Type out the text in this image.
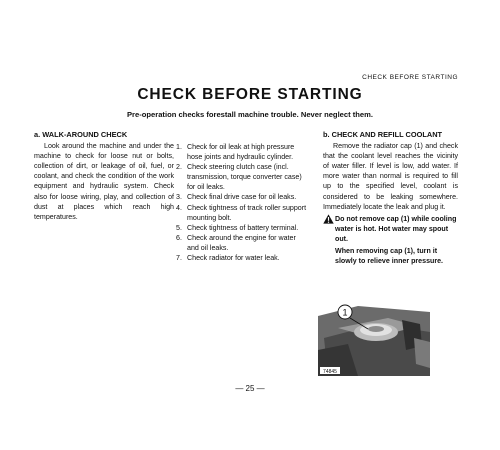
CHECK BEFORE STARTING
CHECK BEFORE STARTING
Pre-operation checks forestall machine trouble. Never neglect them.
a. WALK-AROUND CHECK
Look around the machine and under the machine to check for loose nut or bolts, collection of dirt, or leakage of oil, fuel, or coolant, and check the condition of the work equipment and hydraulic system. Check also for loose wiring, play, and collection of dust at places which reach high temperatures.
1. Check for oil leak at high pressure hose joints and hydraulic cylinder.
2. Check steering clutch case (incl. transmission, torque converter case) for oil leaks.
3. Check final drive case for oil leaks.
4. Check tightness of track roller support mounting bolt.
5. Check tightness of battery terminal.
6. Check around the engine for water and oil leaks.
7. Check radiator for water leak.
b. CHECK AND REFILL COOLANT
Remove the radiator cap (1) and check that the coolant level reaches the vicinity of water filler. If level is low, add water. If more water than normal is required to fill up to the specified level, coolant is considered to be leaking somewhere. Immediately locate the leak and plug it.

Do not remove cap (1) while cooling water is hot. Hot water may spout out.

When removing cap (1), turn it slowly to relieve inner pressure.

1
74845
— 25 —
